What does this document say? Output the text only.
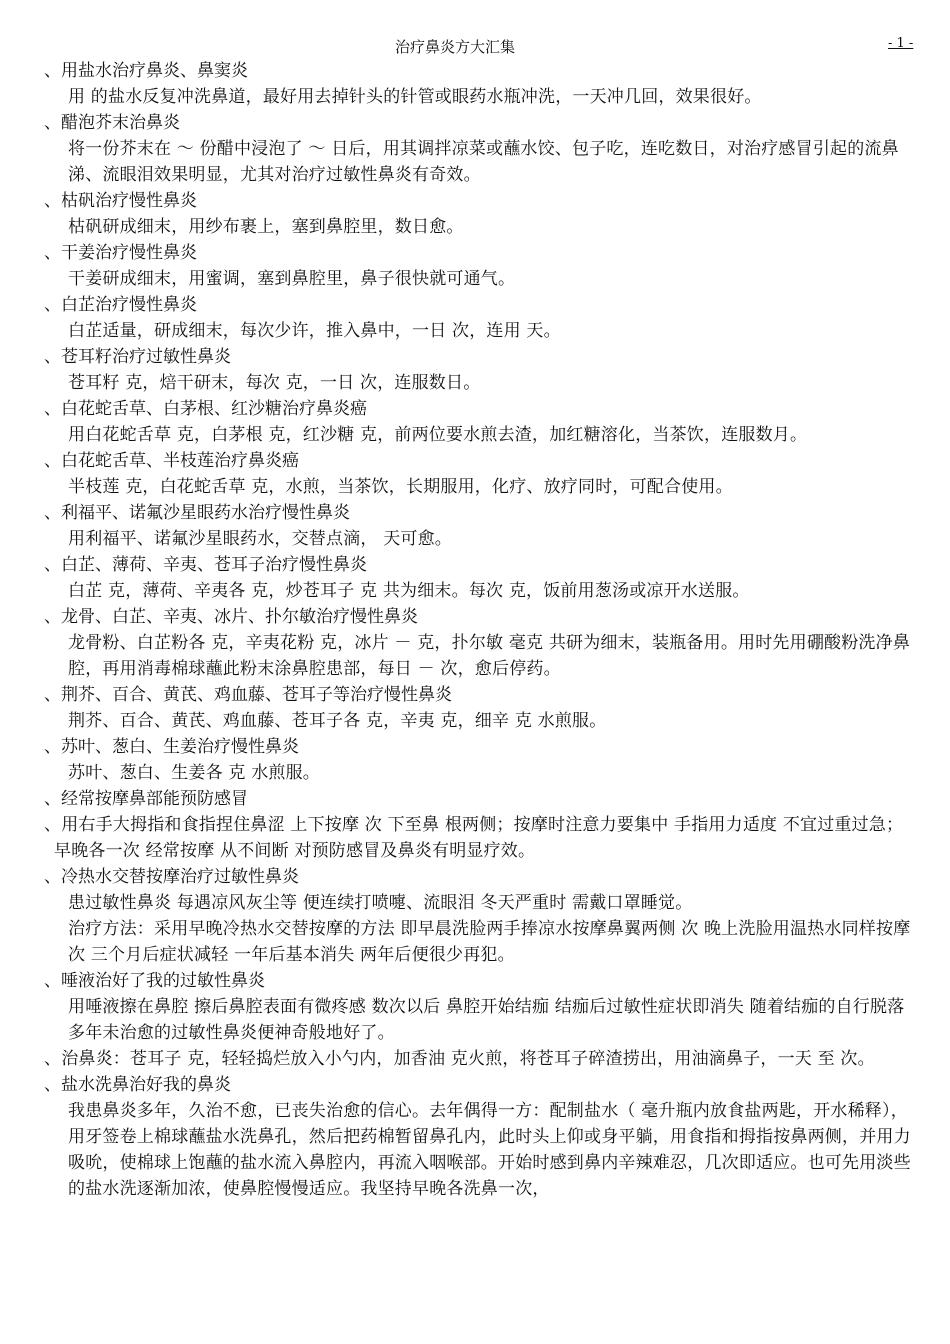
治疗鼻炎方大汇集	- 1 -
、用盐水治疗鼻炎、鼻窦炎

用 的盐水反复冲洗鼻道，最好用去掉针头的针管或眼药水瓶冲洗，一天冲几回，效果很好。

、醋泡芥末治鼻炎

将一份芥末在 ～ 份醋中浸泡了 ～ 日后，用其调拌凉菜或蘸水饺、包子吃，连吃数日，对治疗感冒引起的流鼻涕、流眼泪效果明显，尤其对治疗过敏性鼻炎有奇效。

、枯矾治疗慢性鼻炎

枯矾研成细末，用纱布裹上，塞到鼻腔里，数日愈。

、干姜治疗慢性鼻炎

干姜研成细末，用蜜调，塞到鼻腔里，鼻子很快就可通气。

、白芷治疗慢性鼻炎

白芷适量，研成细末，每次少许，推入鼻中，一日 次，连用 天。

、苍耳籽治疗过敏性鼻炎

苍耳籽 克，焙干研末，每次 克，一日 次，连服数日。

、白花蛇舌草、白茅根、红沙糖治疗鼻炎癌

用白花蛇舌草 克，白茅根 克，红沙糖 克，前两位要水煎去渣，加红糖溶化，当茶饮，连服数月。

、白花蛇舌草、半枝莲治疗鼻炎癌

半枝莲 克，白花蛇舌草 克，水煎，当茶饮，长期服用，化疗、放疗同时，可配合使用。

、利福平、诺氟沙星眼药水治疗慢性鼻炎

用利福平、诺氟沙星眼药水，交替点滴， 天可愈。

、白芷、薄荷、辛夷、苍耳子治疗慢性鼻炎

白芷 克，薄荷、辛夷各 克，炒苍耳子 克 共为细末。每次 克，饭前用葱汤或凉开水送服。

、龙骨、白芷、辛夷、冰片、扑尔敏治疗慢性鼻炎

龙骨粉、白芷粉各 克，辛夷花粉 克，冰片 － 克，扑尔敏 毫克 共研为细末，装瓶备用。用时先用硼酸粉洗净鼻腔，再用消毒棉球蘸此粉末涂鼻腔患部，每日 － 次，愈后停药。

、荆芥、百合、黄芪、鸡血藤、苍耳子等治疗慢性鼻炎

荆芥、百合、黄芪、鸡血藤、苍耳子各 克，辛夷 克，细辛 克 水煎服。

、苏叶、葱白、生姜治疗慢性鼻炎

苏叶、葱白、生姜各 克 水煎服。

、经常按摩鼻部能预防感冒
、用右手大拇指和食指捏住鼻涩 上下按摩 次 下至鼻 根两侧；按摩时注意力要集中 手指用力适度 不宜过重过急；早晚各一次 经常按摩 从不间断 对预防感冒及鼻炎有明显疗效。
、冷热水交替按摩治疗过敏性鼻炎

患过敏性鼻炎 每遇凉风灰尘等 便连续打喷嚏、流眼泪 冬天严重时 需戴口罩睡觉。

治疗方法：采用早晚冷热水交替按摩的方法 即早晨洗脸两手捧凉水按摩鼻翼两侧 次 晚上洗脸用温热水同样按摩 次 三个月后症状减轻 一年后基本消失 两年后便很少再犯。

、唾液治好了我的过敏性鼻炎

用唾液擦在鼻腔 擦后鼻腔表面有微疼感 数次以后 鼻腔开始结痂 结痂后过敏性症状即消失 随着结痂的自行脱落 多年未治愈的过敏性鼻炎便神奇般地好了。

、治鼻炎：苍耳子 克，轻轻捣烂放入小勺内，加香油 克火煎，将苍耳子碎渣捞出，用油滴鼻子，一天 至 次。
、盐水洗鼻治好我的鼻炎

我患鼻炎多年，久治不愈，已丧失治愈的信心。去年偶得一方：配制盐水（ 毫升瓶内放食盐两匙，开水稀释），用牙签卷上棉球蘸盐水洗鼻孔，然后把药棉暂留鼻孔内，此时头上仰或身平躺，用食指和拇指按鼻两侧，并用力吸吮，使棉球上饱蘸的盐水流入鼻腔内，再流入咽喉部。开始时感到鼻内辛辣难忍，几次即适应。也可先用淡些的盐水洗逐渐加浓，使鼻腔慢慢适应。我坚持早晚各洗鼻一次，
